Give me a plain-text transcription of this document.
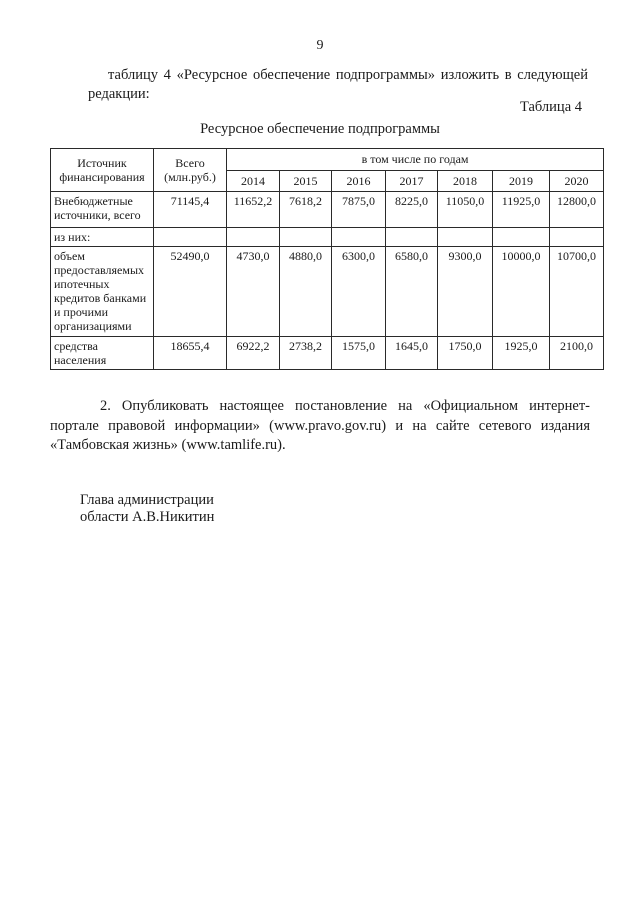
9
таблицу 4 «Ресурсное обеспечение подпрограммы» изложить в следующей
редакции:
Таблица 4
Ресурсное обеспечение подпрограммы
Источник финансирования	Всего (млн.руб.)	в том числе по годам						
		2014	2015	2016	2017	2018	2019	2020
Внебюджетные источники, всего	71145,4	11652,2	7618,2	7875,0	8225,0	11050,0	11925,0	12800,0
из них:								
объем предоставляемых ипотечных кредитов банками и прочими организациями	52490,0	4730,0	4880,0	6300,0	6580,0	9300,0	10000,0	10700,0
средства населения	18655,4	6922,2	2738,2	1575,0	1645,0	1750,0	1925,0	2100,0
2. Опубликовать настоящее постановление на «Официальном интернет-портале правовой информации» (www.pravo.gov.ru) и на сайте сетевого издания «Тамбовская жизнь» (www.tamlife.ru).
Глава администрации
области А.В.Никитин
